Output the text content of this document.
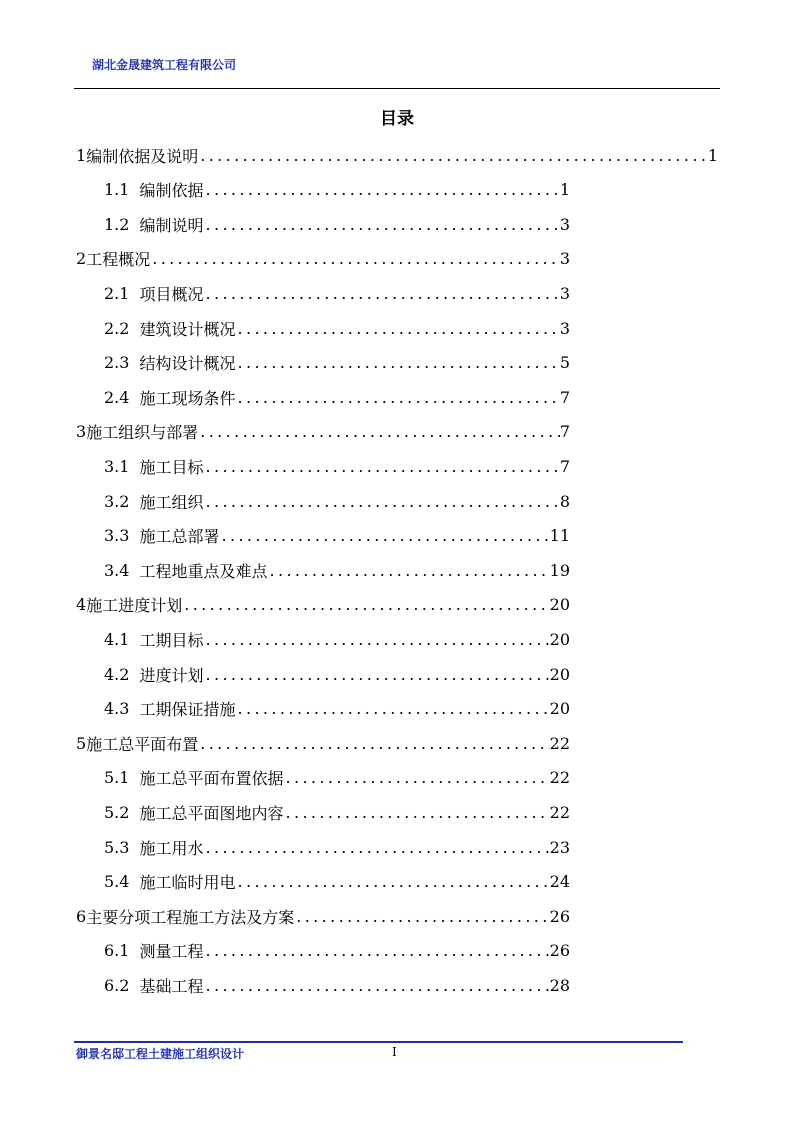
湖北金晟建筑工程有限公司
目录
1 编制依据及说明 .....	1
1.1 编制依据 .....	1
1.2 编制说明 .....	3
2 工程概况 .....	3
2.1 项目概况 .....	3
2.2 建筑设计概况 .....	3
2.3 结构设计概况 .....	5
2.4 施工现场条件 .....	7
3 施工组织与部署 .....	7
3.1 施工目标 .....	7
3.2 施工组织 .....	8
3.3 施工总部署 .....	11
3.4 工程地重点及难点 .....	19
4 施工进度计划 .....	20
4.1 工期目标 .....	20
4.2 进度计划 .....	20
4.3 工期保证措施 .....	20
5 施工总平面布置 .....	22
5.1 施工总平面布置依据 .....	22
5.2 施工总平面图地内容 .....	22
5.3 施工用水 .....	23
5.4 施工临时用电 .....	24
6 主要分项工程施工方法及方案 .....	26
6.1 测量工程 .....	26
6.2 基础工程 .....	28
御景名邸工程土建施工组织设计	I
